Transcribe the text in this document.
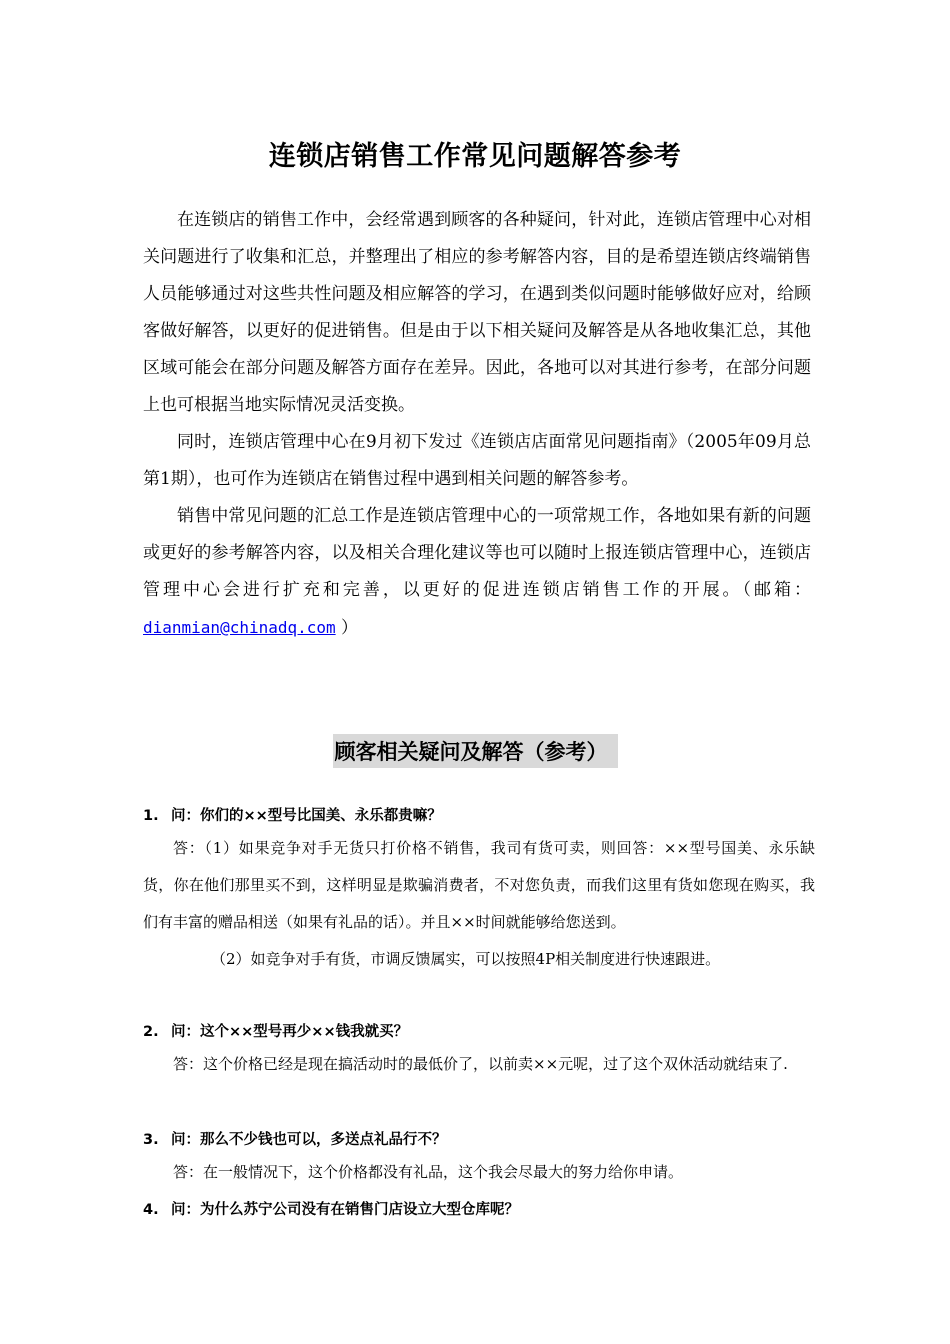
连锁店销售工作常见问题解答参考

在连锁店的销售工作中，会经常遇到顾客的各种疑问，针对此，连锁店管理中心对相关问题进行了收集和汇总，并整理出了相应的参考解答内容，目的是希望连锁店终端销售人员能够通过对这些共性问题及相应解答的学习，在遇到类似问题时能够做好应对，给顾客做好解答，以更好的促进销售。但是由于以下相关疑问及解答是从各地收集汇总，其他区域可能会在部分问题及解答方面存在差异。因此，各地可以对其进行参考，在部分问题上也可根据当地实际情况灵活变换。

同时，连锁店管理中心在9月初下发过《连锁店店面常见问题指南》（2005年09月总第1期），也可作为连锁店在销售过程中遇到相关问题的解答参考。

销售中常见问题的汇总工作是连锁店管理中心的一项常规工作，各地如果有新的问题或更好的参考解答内容，以及相关合理化建议等也可以随时上报连锁店管理中心，连锁店管理中心会进行扩充和完善，以更好的促进连锁店销售工作的开展。（邮箱：dianmian@chinadq.com ）

顾客相关疑问及解答（参考）

1. 问：你们的××型号比国美、永乐都贵嘛？

答：（1）如果竞争对手无货只打价格不销售，我司有货可卖，则回答：××型号国美、永乐缺货，你在他们那里买不到，这样明显是欺骗消费者，不对您负责，而我们这里有货如您现在购买，我们有丰富的赠品相送（如果有礼品的话）。并且××时间就能够给您送到。

（2）如竞争对手有货，市调反馈属实，可以按照4P相关制度进行快速跟进。

2. 问：这个××型号再少××钱我就买？

答：这个价格已经是现在搞活动时的最低价了，以前卖××元呢，过了这个双休活动就结束了.

3. 问：那么不少钱也可以，多送点礼品行不？

答：在一般情况下，这个价格都没有礼品，这个我会尽最大的努力给你申请。

4. 问：为什么苏宁公司没有在销售门店设立大型仓库呢？
